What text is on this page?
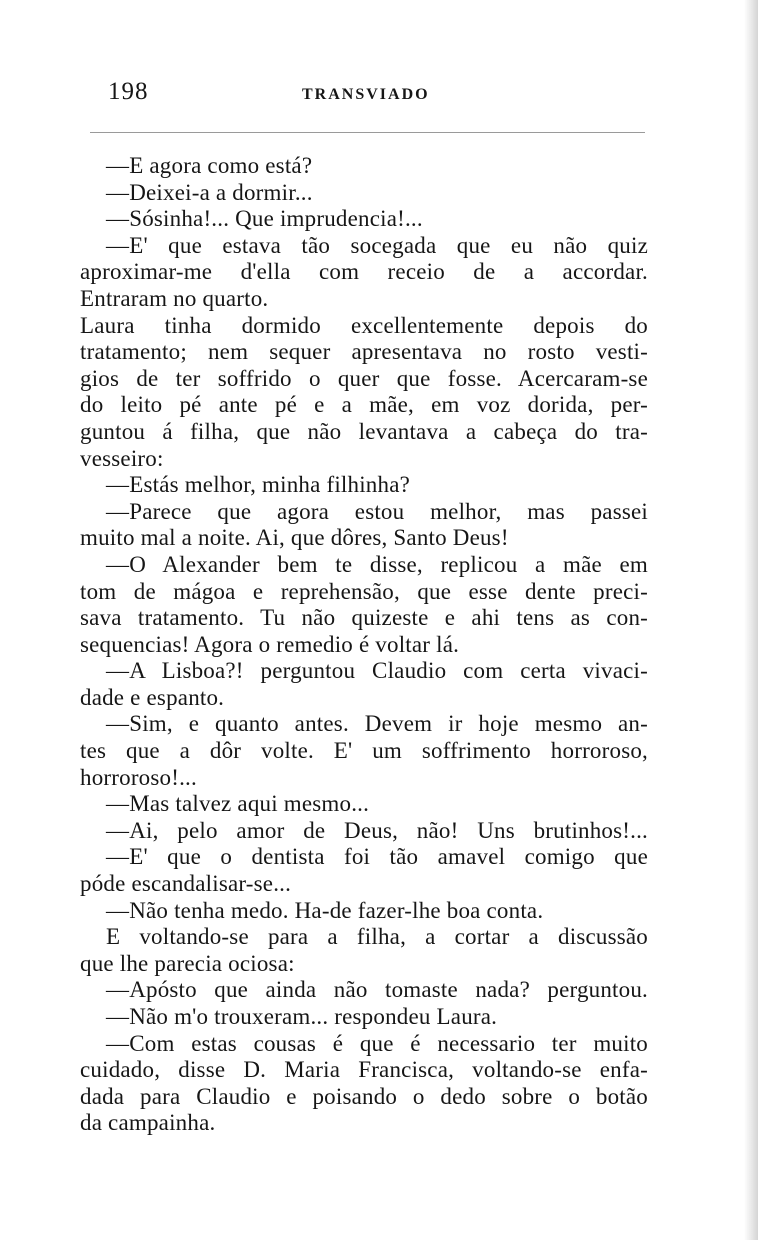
198	TRANSVIADO
—E agora como está?
—Deixei-a a dormir...
—Sósinha!... Que imprudencia!...
—E' que estava tão socegada que eu não quiz
aproximar-me d'ella com receio de a accordar.
Entraram no quarto.
Laura tinha dormido excellentemente depois do
tratamento; nem sequer apresentava no rosto vesti-
gios de ter soffrido o quer que fosse. Acercaram-se
do leito pé ante pé e a mãe, em voz dorida, per-
guntou á filha, que não levantava a cabeça do tra-
vesseiro:
—Estás melhor, minha filhinha?
—Parece que agora estou melhor, mas passei
muito mal a noite. Ai, que dôres, Santo Deus!
—O Alexander bem te disse, replicou a mãe em
tom de mágoa e reprehensão, que esse dente preci-
sava tratamento. Tu não quizeste e ahi tens as con-
sequencias! Agora o remedio é voltar lá.
—A Lisboa?! perguntou Claudio com certa vivaci-
dade e espanto.
—Sim, e quanto antes. Devem ir hoje mesmo an-
tes que a dôr volte. E' um soffrimento horroroso,
horroroso!...
—Mas talvez aqui mesmo...
—Ai, pelo amor de Deus, não! Uns brutinhos!...
—E' que o dentista foi tão amavel comigo que
póde escandalisar-se...
—Não tenha medo. Ha-de fazer-lhe boa conta.
E voltando-se para a filha, a cortar a discussão
que lhe parecia ociosa:
—Apósto que ainda não tomaste nada? perguntou.
—Não m'o trouxeram... respondeu Laura.
—Com estas cousas é que é necessario ter muito
cuidado, disse D. Maria Francisca, voltando-se enfa-
dada para Claudio e poisando o dedo sobre o botão
da campainha.
